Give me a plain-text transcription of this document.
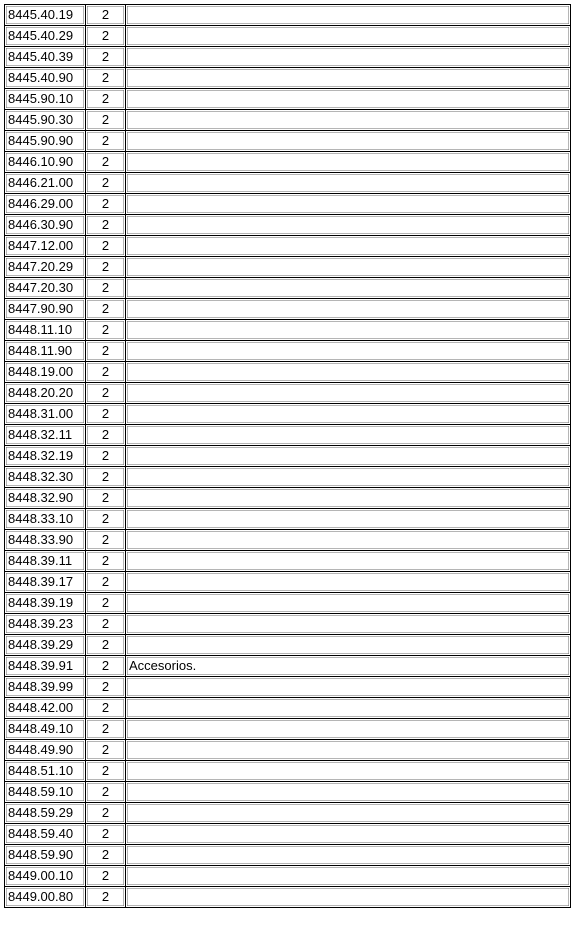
8445.40.19	2	
8445.40.29	2	
8445.40.39	2	
8445.40.90	2	
8445.90.10	2	
8445.90.30	2	
8445.90.90	2	
8446.10.90	2	
8446.21.00	2	
8446.29.00	2	
8446.30.90	2	
8447.12.00	2	
8447.20.29	2	
8447.20.30	2	
8447.90.90	2	
8448.11.10	2	
8448.11.90	2	
8448.19.00	2	
8448.20.20	2	
8448.31.00	2	
8448.32.11	2	
8448.32.19	2	
8448.32.30	2	
8448.32.90	2	
8448.33.10	2	
8448.33.90	2	
8448.39.11	2	
8448.39.17	2	
8448.39.19	2	
8448.39.23	2	
8448.39.29	2	
8448.39.91	2	Accesorios.
8448.39.99	2	
8448.42.00	2	
8448.49.10	2	
8448.49.90	2	
8448.51.10	2	
8448.59.10	2	
8448.59.29	2	
8448.59.40	2	
8448.59.90	2	
8449.00.10	2	
8449.00.80	2	
